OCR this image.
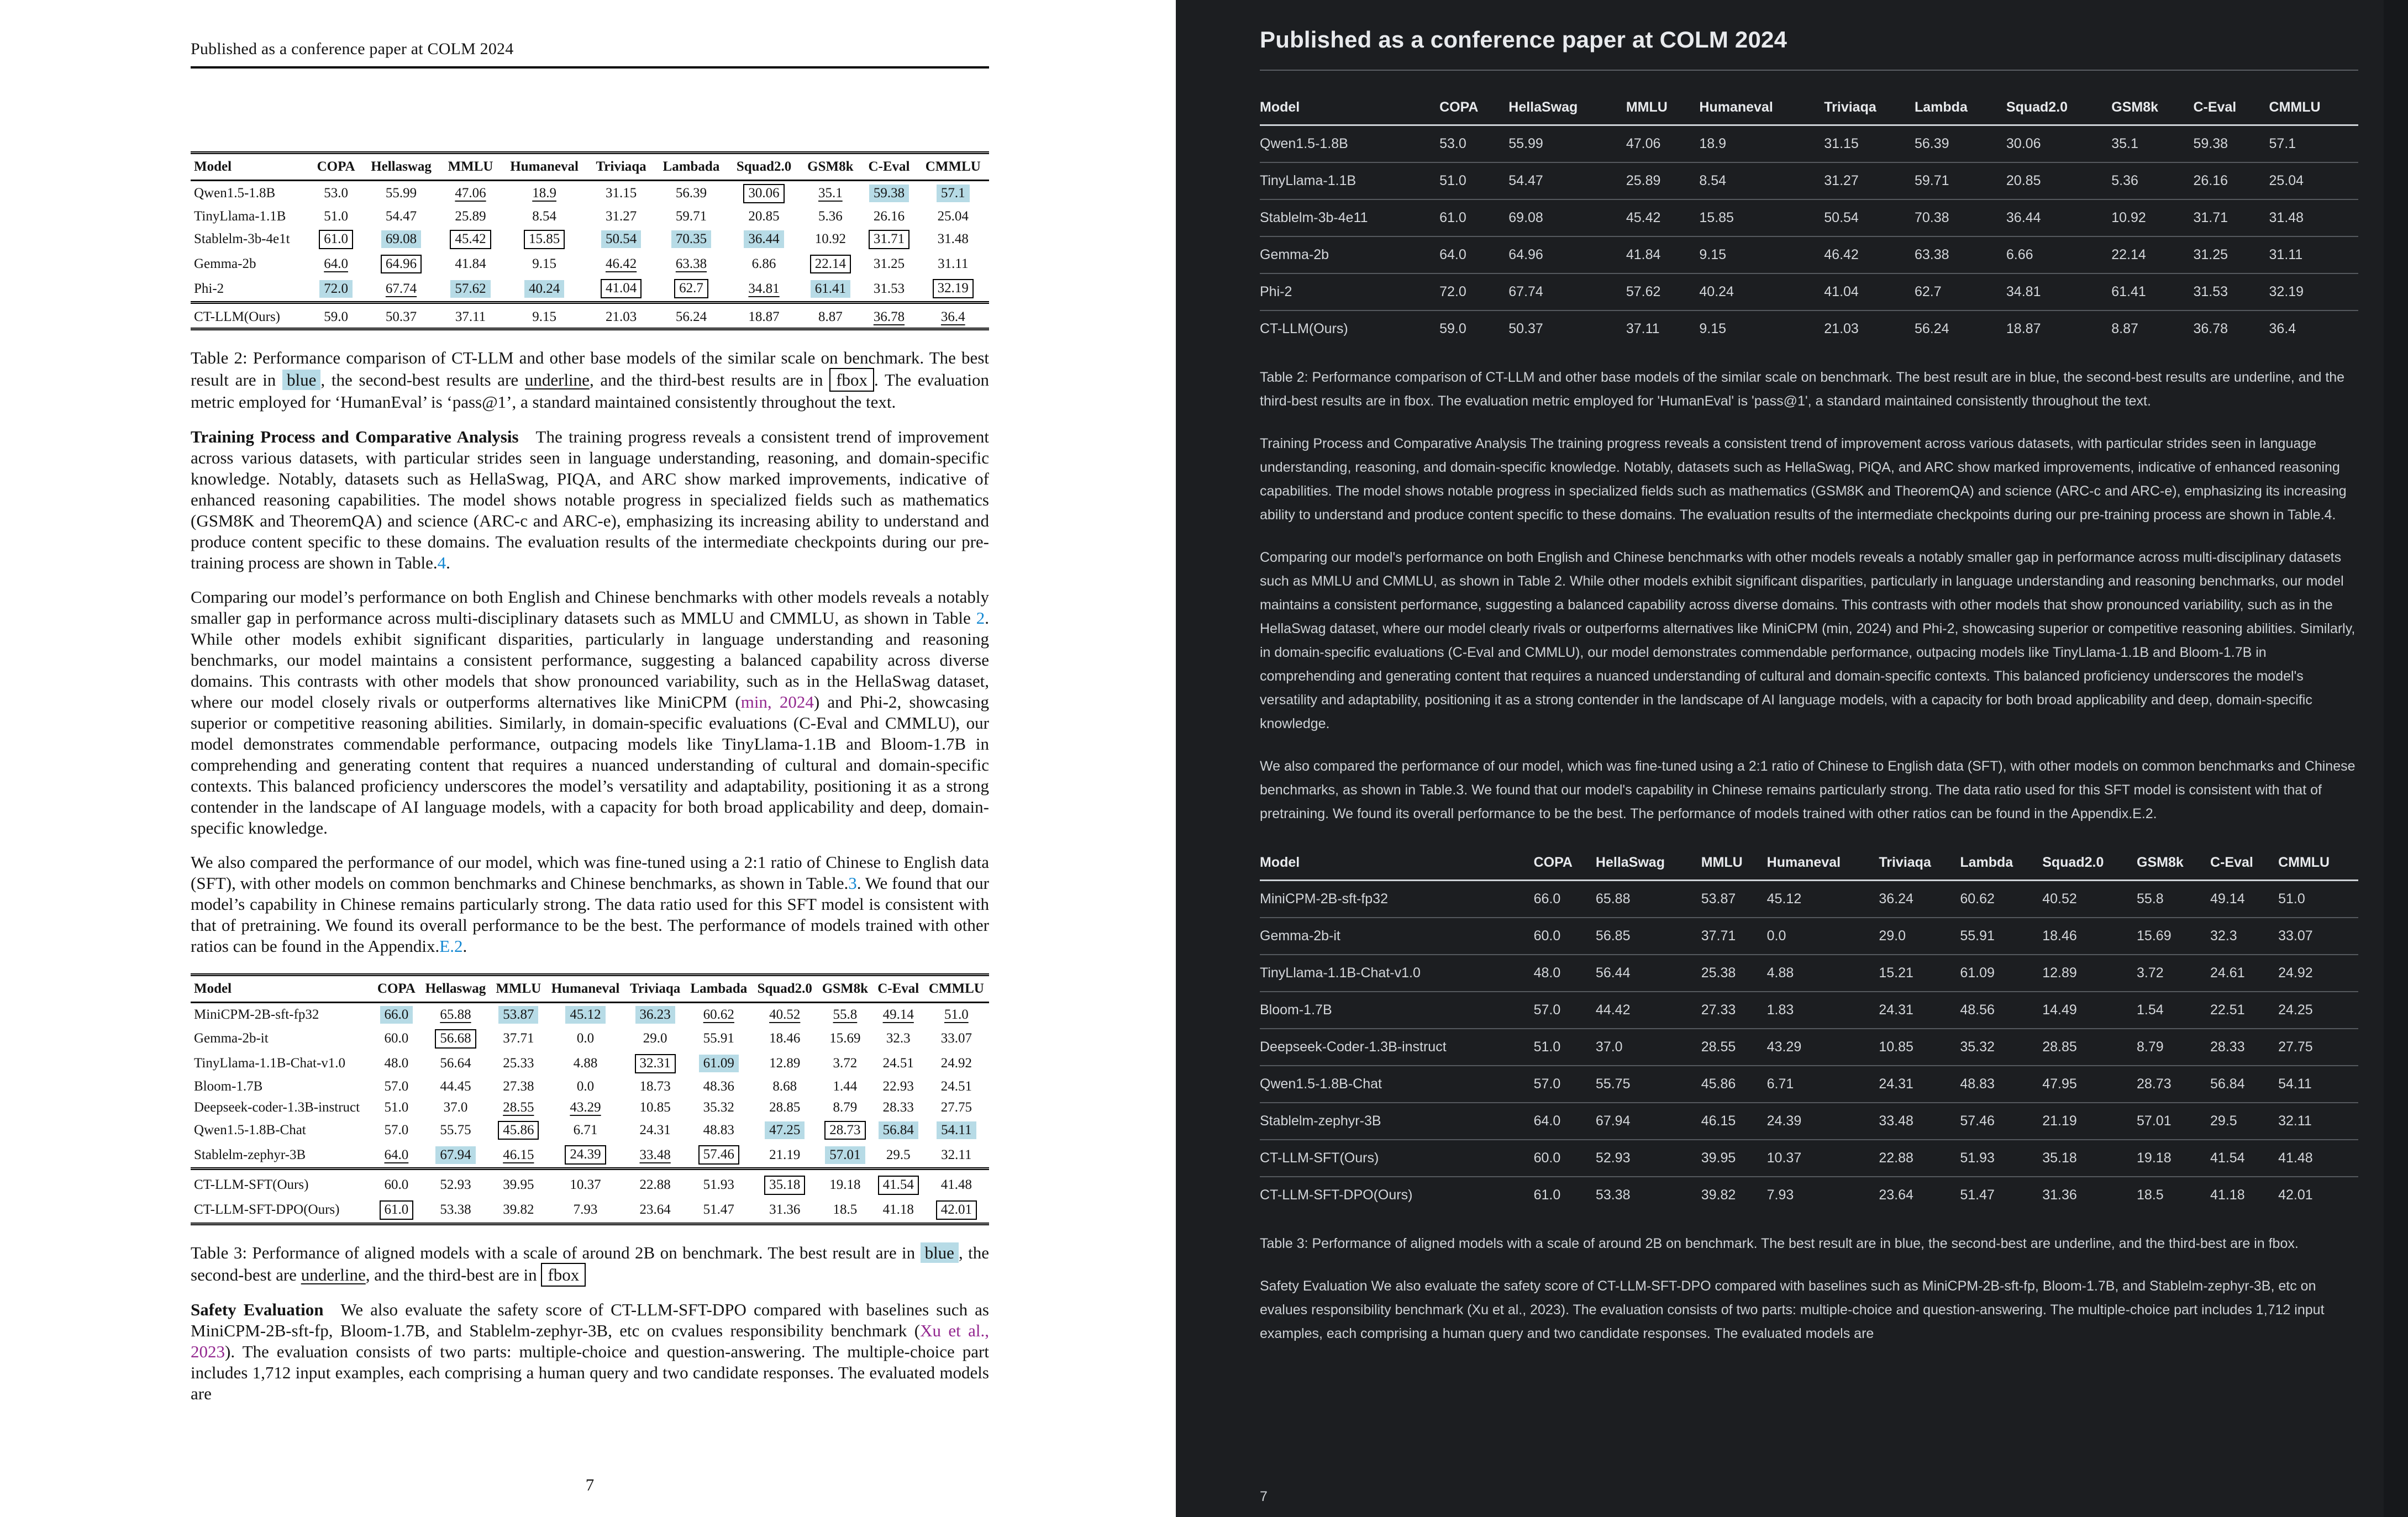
Published as a conference paper at COLM 2024
Model	COPA	Hellaswag	MMLU	Humaneval	Triviaqa	Lambada	Squad2.0	GSM8k	C-Eval	CMMLU
Qwen1.5-1.8B	53.0	55.99	47.06	18.9	31.15	56.39	30.06	35.1	59.38	57.1
TinyLlama-1.1B	51.0	54.47	25.89	8.54	31.27	59.71	20.85	5.36	26.16	25.04
Stablelm-3b-4e1t	61.0	69.08	45.42	15.85	50.54	70.35	36.44	10.92	31.71	31.48
Gemma-2b	64.0	64.96	41.84	9.15	46.42	63.38	6.86	22.14	31.25	31.11
Phi-2	72.0	67.74	57.62	40.24	41.04	62.7	34.81	61.41	31.53	32.19
CT-LLM(Ours)	59.0	50.37	37.11	9.15	21.03	56.24	18.87	8.87	36.78	36.4

Table 2: Performance comparison of CT-LLM and other base models of the similar scale on benchmark. The best result are in blue , the second-best results are underline, and the third-best results are in fbox . The evaluation metric employed for ‘HumanEval’ is ‘pass@1’, a standard maintained consistently throughout the text.

Training Process and Comparative Analysis The training progress reveals a consistent trend of improvement across various datasets, with particular strides seen in language understanding, reasoning, and domain-specific knowledge. Notably, datasets such as HellaSwag, PIQA, and ARC show marked improvements, indicative of enhanced reasoning capabilities. The model shows notable progress in specialized fields such as mathematics (GSM8K and TheoremQA) and science (ARC-c and ARC-e), emphasizing its increasing ability to understand and produce content specific to these domains. The evaluation results of the intermediate checkpoints during our pre-training process are shown in Table.4.

Comparing our model’s performance on both English and Chinese benchmarks with other models reveals a notably smaller gap in performance across multi-disciplinary datasets such as MMLU and CMMLU, as shown in Table 2. While other models exhibit significant disparities, particularly in language understanding and reasoning benchmarks, our model maintains a consistent performance, suggesting a balanced capability across diverse domains. This contrasts with other models that show pronounced variability, such as in the HellaSwag dataset, where our model closely rivals or outperforms alternatives like MiniCPM (min, 2024) and Phi-2, showcasing superior or competitive reasoning abilities. Similarly, in domain-specific evaluations (C-Eval and CMMLU), our model demonstrates commendable performance, outpacing models like TinyLlama-1.1B and Bloom-1.7B in comprehending and generating content that requires a nuanced understanding of cultural and domain-specific contexts. This balanced proficiency underscores the model’s versatility and adaptability, positioning it as a strong contender in the landscape of AI language models, with a capacity for both broad applicability and deep, domain-specific knowledge.

We also compared the performance of our model, which was fine-tuned using a 2:1 ratio of Chinese to English data (SFT), with other models on common benchmarks and Chinese benchmarks, as shown in Table.3. We found that our model’s capability in Chinese remains particularly strong. The data ratio used for this SFT model is consistent with that of pretraining. We found its overall performance to be the best. The performance of models trained with other ratios can be found in the Appendix.E.2.

Model	COPA	Hellaswag	MMLU	Humaneval	Triviaqa	Lambada	Squad2.0	GSM8k	C-Eval	CMMLU
MiniCPM-2B-sft-fp32	66.0	65.88	53.87	45.12	36.23	60.62	40.52	55.8	49.14	51.0
Gemma-2b-it	60.0	56.68	37.71	0.0	29.0	55.91	18.46	15.69	32.3	33.07
TinyLlama-1.1B-Chat-v1.0	48.0	56.64	25.33	4.88	32.31	61.09	12.89	3.72	24.51	24.92
Bloom-1.7B	57.0	44.45	27.38	0.0	18.73	48.36	8.68	1.44	22.93	24.51
Deepseek-coder-1.3B-instruct	51.0	37.0	28.55	43.29	10.85	35.32	28.85	8.79	28.33	27.75
Qwen1.5-1.8B-Chat	57.0	55.75	45.86	6.71	24.31	48.83	47.25	28.73	56.84	54.11
Stablelm-zephyr-3B	64.0	67.94	46.15	24.39	33.48	57.46	21.19	57.01	29.5	32.11
CT-LLM-SFT(Ours)	60.0	52.93	39.95	10.37	22.88	51.93	35.18	19.18	41.54	41.48
CT-LLM-SFT-DPO(Ours)	61.0	53.38	39.82	7.93	23.64	51.47	31.36	18.5	41.18	42.01

Table 3: Performance of aligned models with a scale of around 2B on benchmark. The best result are in blue , the second-best are underline, and the third-best are in fbox

Safety Evaluation We also evaluate the safety score of CT-LLM-SFT-DPO compared with baselines such as MiniCPM-2B-sft-fp, Bloom-1.7B, and Stablelm-zephyr-3B, etc on cvalues responsibility benchmark (Xu et al., 2023). The evaluation consists of two parts: multiple-choice and question-answering. The multiple-choice part includes 1,712 input examples, each comprising a human query and two candidate responses. The evaluated models are

7
Published as a conference paper at COLM 2024
Model	COPA	HellaSwag	MMLU	Humaneval	Triviaqa	Lambda	Squad2.0	GSM8k	C-Eval	CMMLU
Qwen1.5-1.8B	53.0	55.99	47.06	18.9	31.15	56.39	30.06	35.1	59.38	57.1
TinyLlama-1.1B	51.0	54.47	25.89	8.54	31.27	59.71	20.85	5.36	26.16	25.04
Stablelm-3b-4e11	61.0	69.08	45.42	15.85	50.54	70.38	36.44	10.92	31.71	31.48
Gemma-2b	64.0	64.96	41.84	9.15	46.42	63.38	6.66	22.14	31.25	31.11
Phi-2	72.0	67.74	57.62	40.24	41.04	62.7	34.81	61.41	31.53	32.19
CT-LLM(Ours)	59.0	50.37	37.11	9.15	21.03	56.24	18.87	8.87	36.78	36.4

Table 2: Performance comparison of CT-LLM and other base models of the similar scale on benchmark. The best result are in blue, the second-best results are underline, and the third-best results are in fbox. The evaluation metric employed for 'HumanEval' is 'pass@1', a standard maintained consistently throughout the text.

Training Process and Comparative Analysis The training progress reveals a consistent trend of improvement across various datasets, with particular strides seen in language understanding, reasoning, and domain-specific knowledge. Notably, datasets such as HellaSwag, PiQA, and ARC show marked improvements, indicative of enhanced reasoning capabilities. The model shows notable progress in specialized fields such as mathematics (GSM8K and TheoremQA) and science (ARC-c and ARC-e), emphasizing its increasing ability to understand and produce content specific to these domains. The evaluation results of the intermediate checkpoints during our pre-training process are shown in Table.4.

Comparing our model's performance on both English and Chinese benchmarks with other models reveals a notably smaller gap in performance across multi-disciplinary datasets such as MMLU and CMMLU, as shown in Table 2. While other models exhibit significant disparities, particularly in language understanding and reasoning benchmarks, our model maintains a consistent performance, suggesting a balanced capability across diverse domains. This contrasts with other models that show pronounced variability, such as in the HellaSwag dataset, where our model clearly rivals or outperforms alternatives like MiniCPM (min, 2024) and Phi-2, showcasing superior or competitive reasoning abilities. Similarly, in domain-specific evaluations (C-Eval and CMMLU), our model demonstrates commendable performance, outpacing models like TinyLlama-1.1B and Bloom-1.7B in comprehending and generating content that requires a nuanced understanding of cultural and domain-specific contexts. This balanced proficiency underscores the model's versatility and adaptability, positioning it as a strong contender in the landscape of AI language models, with a capacity for both broad applicability and deep, domain-specific knowledge.

We also compared the performance of our model, which was fine-tuned using a 2:1 ratio of Chinese to English data (SFT), with other models on common benchmarks and Chinese benchmarks, as shown in Table.3. We found that our model's capability in Chinese remains particularly strong. The data ratio used for this SFT model is consistent with that of pretraining. We found its overall performance to be the best. The performance of models trained with other ratios can be found in the Appendix.E.2.

Model	COPA	HellaSwag	MMLU	Humaneval	Triviaqa	Lambda	Squad2.0	GSM8k	C-Eval	CMMLU
MiniCPM-2B-sft-fp32	66.0	65.88	53.87	45.12	36.24	60.62	40.52	55.8	49.14	51.0
Gemma-2b-it	60.0	56.85	37.71	0.0	29.0	55.91	18.46	15.69	32.3	33.07
TinyLlama-1.1B-Chat-v1.0	48.0	56.44	25.38	4.88	15.21	61.09	12.89	3.72	24.61	24.92
Bloom-1.7B	57.0	44.42	27.33	1.83	24.31	48.56	14.49	1.54	22.51	24.25
Deepseek-Coder-1.3B-instruct	51.0	37.0	28.55	43.29	10.85	35.32	28.85	8.79	28.33	27.75
Qwen1.5-1.8B-Chat	57.0	55.75	45.86	6.71	24.31	48.83	47.95	28.73	56.84	54.11
Stablelm-zephyr-3B	64.0	67.94	46.15	24.39	33.48	57.46	21.19	57.01	29.5	32.11
CT-LLM-SFT(Ours)	60.0	52.93	39.95	10.37	22.88	51.93	35.18	19.18	41.54	41.48
CT-LLM-SFT-DPO(Ours)	61.0	53.38	39.82	7.93	23.64	51.47	31.36	18.5	41.18	42.01

Table 3: Performance of aligned models with a scale of around 2B on benchmark. The best result are in blue, the second-best are underline, and the third-best are in fbox.

Safety Evaluation We also evaluate the safety score of CT-LLM-SFT-DPO compared with baselines such as MiniCPM-2B-sft-fp, Bloom-1.7B, and Stablelm-zephyr-3B, etc on evalues responsibility benchmark (Xu et al., 2023). The evaluation consists of two parts: multiple-choice and question-answering. The multiple-choice part includes 1,712 input examples, each comprising a human query and two candidate responses. The evaluated models are

7
